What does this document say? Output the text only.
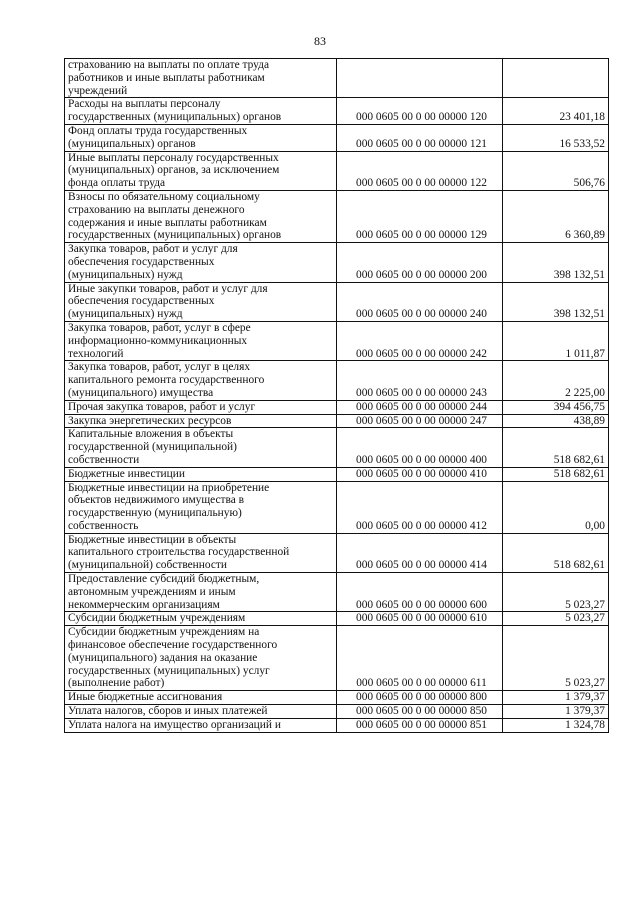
83
страхованию на выплаты по оплате труда
работников и иные выплаты работникам
учреждений		

Расходы на выплаты персоналу
государственных (муниципальных) органов	000 0605 00 0 00 00000 120	23 401,18

Фонд оплаты труда государственных
(муниципальных) органов	000 0605 00 0 00 00000 121	16 533,52

Иные выплаты персоналу государственных
(муниципальных) органов, за исключением
фонда оплаты труда	000 0605 00 0 00 00000 122	506,76

Взносы по обязательному социальному
страхованию на выплаты денежного
содержания и иные выплаты работникам
государственных (муниципальных) органов	000 0605 00 0 00 00000 129	6 360,89

Закупка товаров, работ и услуг для
обеспечения государственных
(муниципальных) нужд	000 0605 00 0 00 00000 200	398 132,51

Иные закупки товаров, работ и услуг для
обеспечения государственных
(муниципальных) нужд	000 0605 00 0 00 00000 240	398 132,51

Закупка товаров, работ, услуг в сфере
информационно-коммуникационных
технологий	000 0605 00 0 00 00000 242	1 011,87

Закупка товаров, работ, услуг в целях
капитального ремонта государственного
(муниципального) имущества	000 0605 00 0 00 00000 243	2 225,00

Прочая закупка товаров, работ и услуг	000 0605 00 0 00 00000 244	394 456,75

Закупка энергетических ресурсов	000 0605 00 0 00 00000 247	438,89

Капитальные вложения в объекты
государственной (муниципальной)
собственности	000 0605 00 0 00 00000 400	518 682,61

Бюджетные инвестиции	000 0605 00 0 00 00000 410	518 682,61

Бюджетные инвестиции на приобретение
объектов недвижимого имущества в
государственную (муниципальную)
собственность	000 0605 00 0 00 00000 412	0,00

Бюджетные инвестиции в объекты
капитального строительства государственной
(муниципальной) собственности	000 0605 00 0 00 00000 414	518 682,61

Предоставление субсидий бюджетным,
автономным учреждениям и иным
некоммерческим организациям	000 0605 00 0 00 00000 600	5 023,27

Субсидии бюджетным учреждениям	000 0605 00 0 00 00000 610	5 023,27

Субсидии бюджетным учреждениям на
финансовое обеспечение государственного
(муниципального) задания на оказание
государственных (муниципальных) услуг
(выполнение работ)	000 0605 00 0 00 00000 611	5 023,27

Иные бюджетные ассигнования	000 0605 00 0 00 00000 800	1 379,37

Уплата налогов, сборов и иных платежей	000 0605 00 0 00 00000 850	1 379,37

Уплата налога на имущество организаций и	000 0605 00 0 00 00000 851	1 324,78
